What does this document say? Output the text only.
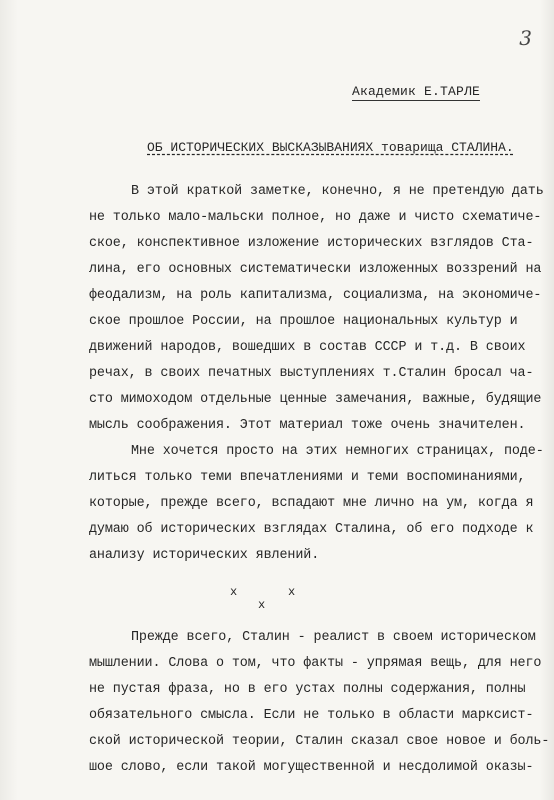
3
Академик Е.ТАРЛЕ
ОБ ИСТОРИЧЕСКИХ ВЫСКАЗЫВАНИЯХ товарища СТАЛИНА.
В этой краткой заметке, конечно, я не претендую дать
не только мало-мальски полное, но даже и чисто схематиче-
ское, конспективное изложение исторических взглядов Ста-
лина, его основных систематически изложенных воззрений на
феодализм, на роль капитализма, социализма, на экономиче-
ское прошлое России, на прошлое национальных культур и
движений народов, вошедших в состав СССР и т.д. В своих
речах, в своих печатных выступлениях т.Сталин бросал ча-
сто мимоходом отдельные ценные замечания, важные, будящие
мысль соображения. Этот материал тоже очень значителен.
Мне хочется просто на этих немногих страницах, поде-
литься только теми впечатлениями и теми воспоминаниями,
которые, прежде всего, вспадают мне лично на ум, когда я
думаю об исторических взглядах Сталина, об его подходе к
анализу исторических явлений.
x
x
x
Прежде всего, Сталин - реалист в своем историческом
мышлении. Слова о том, что факты - упрямая вещь, для него
не пустая фраза, но в его устах полны содержания, полны
обязательного смысла. Если не только в области марксист-
ской исторической теории, Сталин сказал свое новое и боль-
шое слово, если такой могущественной и несдолимой оказы-
